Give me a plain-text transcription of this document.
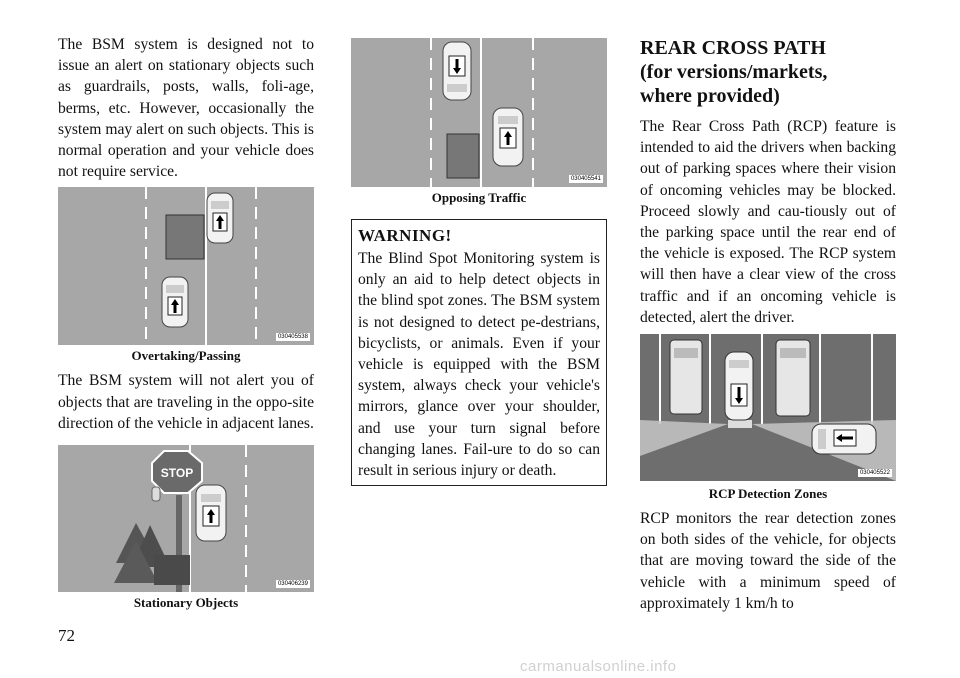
The BSM system is designed not to issue an alert on stationary objects such as guardrails, posts, walls, foli-age, berms, etc. However, occasionally the system may alert on such objects. This is normal operation and your vehicle does not require service.

030405538

Overtaking/Passing

The BSM system will not alert you of objects that are traveling in the oppo-site direction of the vehicle in adjacent lanes.

STOP
030406239

Stationary Objects

030405541

Opposing Traffic

WARNING!

The Blind Spot Monitoring system is only an aid to help detect objects in the blind spot zones. The BSM system is not designed to detect pe-destrians, bicyclists, or animals. Even if your vehicle is equipped with the BSM system, always check your vehicle's mirrors, glance over your shoulder, and use your turn signal before changing lanes. Fail-ure to do so can result in serious injury or death.

REAR CROSS PATH
(for versions/markets,
where provided)

The Rear Cross Path (RCP) feature is intended to aid the drivers when backing out of parking spaces where their vision of oncoming vehicles may be blocked. Proceed slowly and cau-tiously out of the parking space until the rear end of the vehicle is exposed. The RCP system will then have a clear view of the cross traffic and if an oncoming vehicle is detected, alert the driver.

030405522

RCP Detection Zones

RCP monitors the rear detection zones on both sides of the vehicle, for objects that are moving toward the side of the vehicle with a minimum speed of approximately 1 km/h to

72
carmanualsonline.info
